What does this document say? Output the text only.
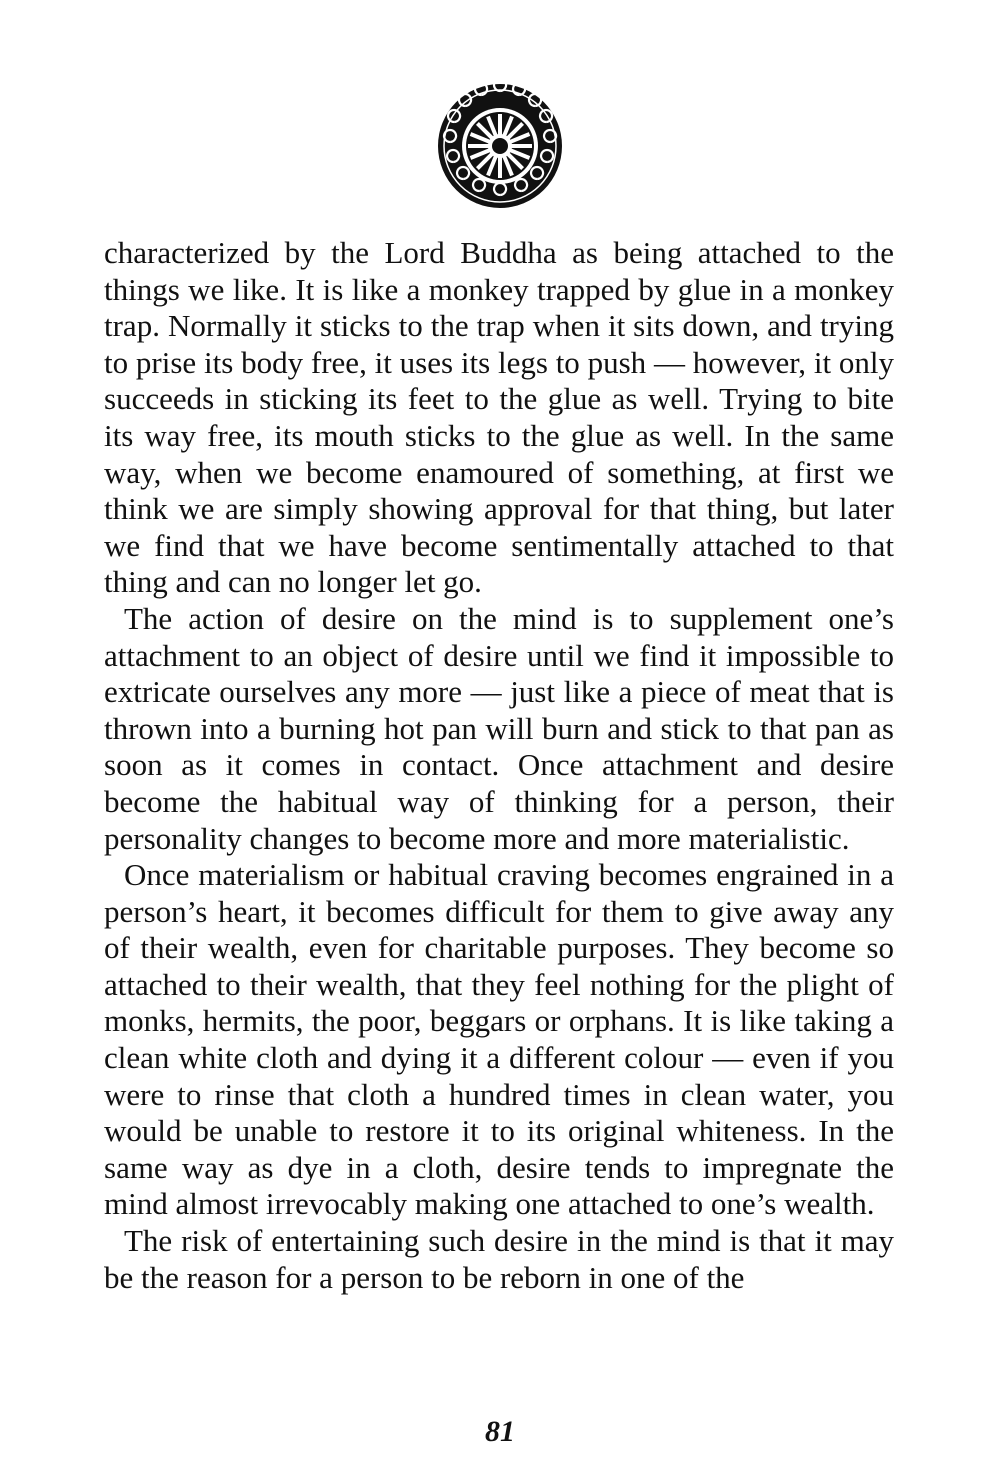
characterized by the Lord Buddha as being attached to the things we like. It is like a monkey trapped by glue in a monkey trap. Normally it sticks to the trap when it sits down, and trying to prise its body free, it uses its legs to push — however, it only succeeds in sticking its feet to the glue as well. Trying to bite its way free, its mouth sticks to the glue as well. In the same way, when we become enamoured of something, at first we think we are simply showing approval for that thing, but later we find that we have become sentimentally attached to that thing and can no longer let go.

The action of desire on the mind is to supplement one’s attachment to an object of desire until we find it impossible to extricate ourselves any more — just like a piece of meat that is thrown into a burning hot pan will burn and stick to that pan as soon as it comes in contact. Once attachment and desire become the habitual way of thinking for a person, their personality changes to become more and more materialistic.

Once materialism or habitual craving becomes engrained in a person’s heart, it becomes difficult for them to give away any of their wealth, even for charitable purposes. They become so attached to their wealth, that they feel nothing for the plight of monks, hermits, the poor, beggars or orphans. It is like taking a clean white cloth and dying it a different colour — even if you were to rinse that cloth a hundred times in clean water, you would be unable to restore it to its original whiteness. In the same way as dye in a cloth, desire tends to impregnate the mind almost irrevocably making one attached to one’s wealth.

The risk of entertaining such desire in the mind is that it may be the reason for a person to be reborn in one of the

81
